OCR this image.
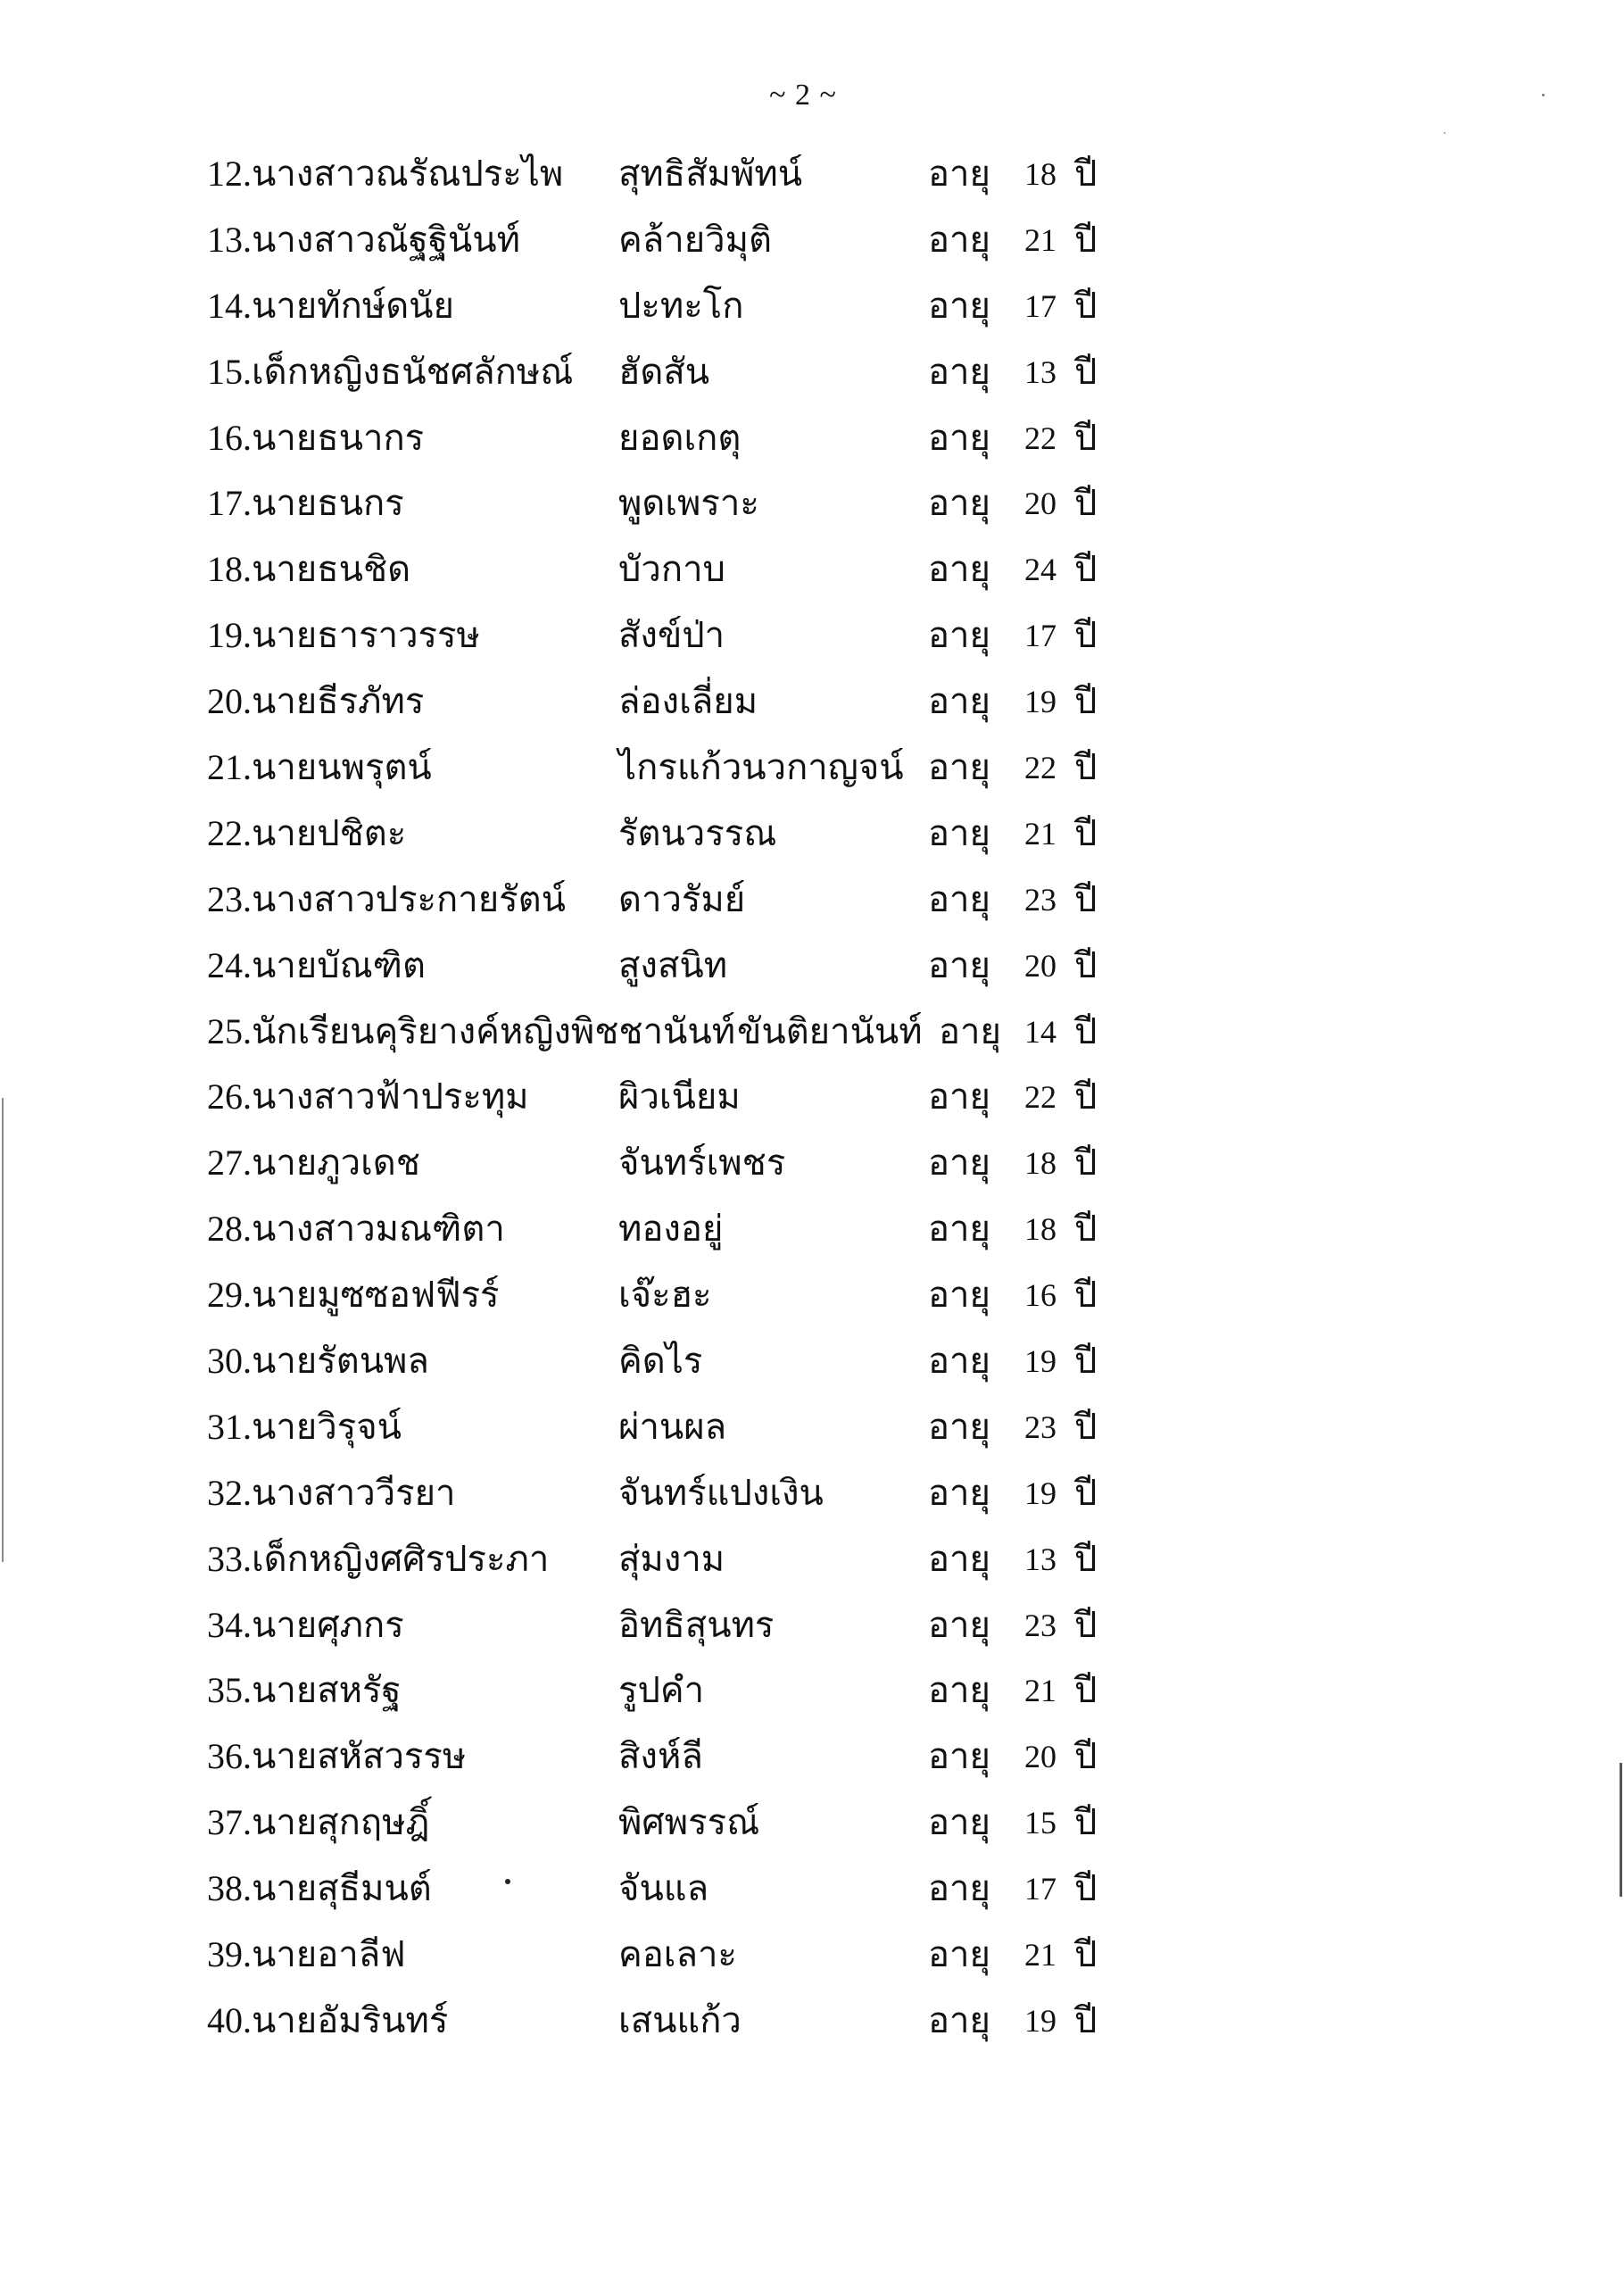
~ 2 ~
12. นางสาวณรัณประไพ สุทธิสัมพัทน์	อายุ 18 ปี
13. นางสาวณัฐฐินันท์	คล้ายวิมุติ	อายุ 21 ปี
14. นายทักษ์ดนัย	ปะทะโก	อายุ 17 ปี
15. เด็กหญิงธนัชศลักษณ์ ฮัดสัน	อายุ 13 ปี
16. นายธนากร	ยอดเกตุ	อายุ 22 ปี
17. นายธนกร	พูดเพราะ	อายุ 20 ปี
18. นายธนชิด	บัวกาบ	อายุ 24 ปี
19. นายธาราวรรษ	สังข์ป่า	อายุ 17 ปี
20. นายธีรภัทร	ล่องเลี่ยม	อายุ 19 ปี
21. นายนพรุตน์	ไกรแก้วนวกาญจน์ อายุ 22 ปี
22. นายปชิตะ	รัตนวรรณ	อายุ 21 ปี
23. นางสาวประกายรัตน์ ดาวรัมย์	อายุ 23 ปี
24. นายบัณฑิต	สูงสนิท	อายุ 20 ปี
25. นักเรียนคุริยางค์หญิงพิชชานันท์ ขันติยานันท์ อายุ 14 ปี
26. นางสาวฟ้าประทุม	ผิวเนียม	อายุ 22 ปี
27. นายภูวเดช	จันทร์เพชร	อายุ 18 ปี
28. นางสาวมณฑิตา	ทองอยู่	อายุ 18 ปี
29. นายมูซซอฟฟีรร์	เจ๊ะฮะ	อายุ 16 ปี
30. นายรัตนพล	คิดไร	อายุ 19 ปี
31. นายวิรุจน์	ผ่านผล	อายุ 23 ปี
32. นางสาววีรยา	จันทร์แปงเงิน	อายุ 19 ปี
33. เด็กหญิงศศิรประภา สุ่มงาม	อายุ 13 ปี
34. นายศุภกร	อิทธิสุนทร	อายุ 23 ปี
35. นายสหรัฐ	รูปคำ	อายุ 21 ปี
36. นายสหัสวรรษ	สิงห์ลี	อายุ 20 ปี
37. นายสุกฤษฎิ์	พิศพรรณ์	อายุ 15 ปี
38. นายสุธีมนต์	จันแล	อายุ 17 ปี
39. นายอาลีฟ	คอเลาะ	อายุ 21 ปี
40. นายอัมรินทร์	เสนแก้ว	อายุ 19 ปี
